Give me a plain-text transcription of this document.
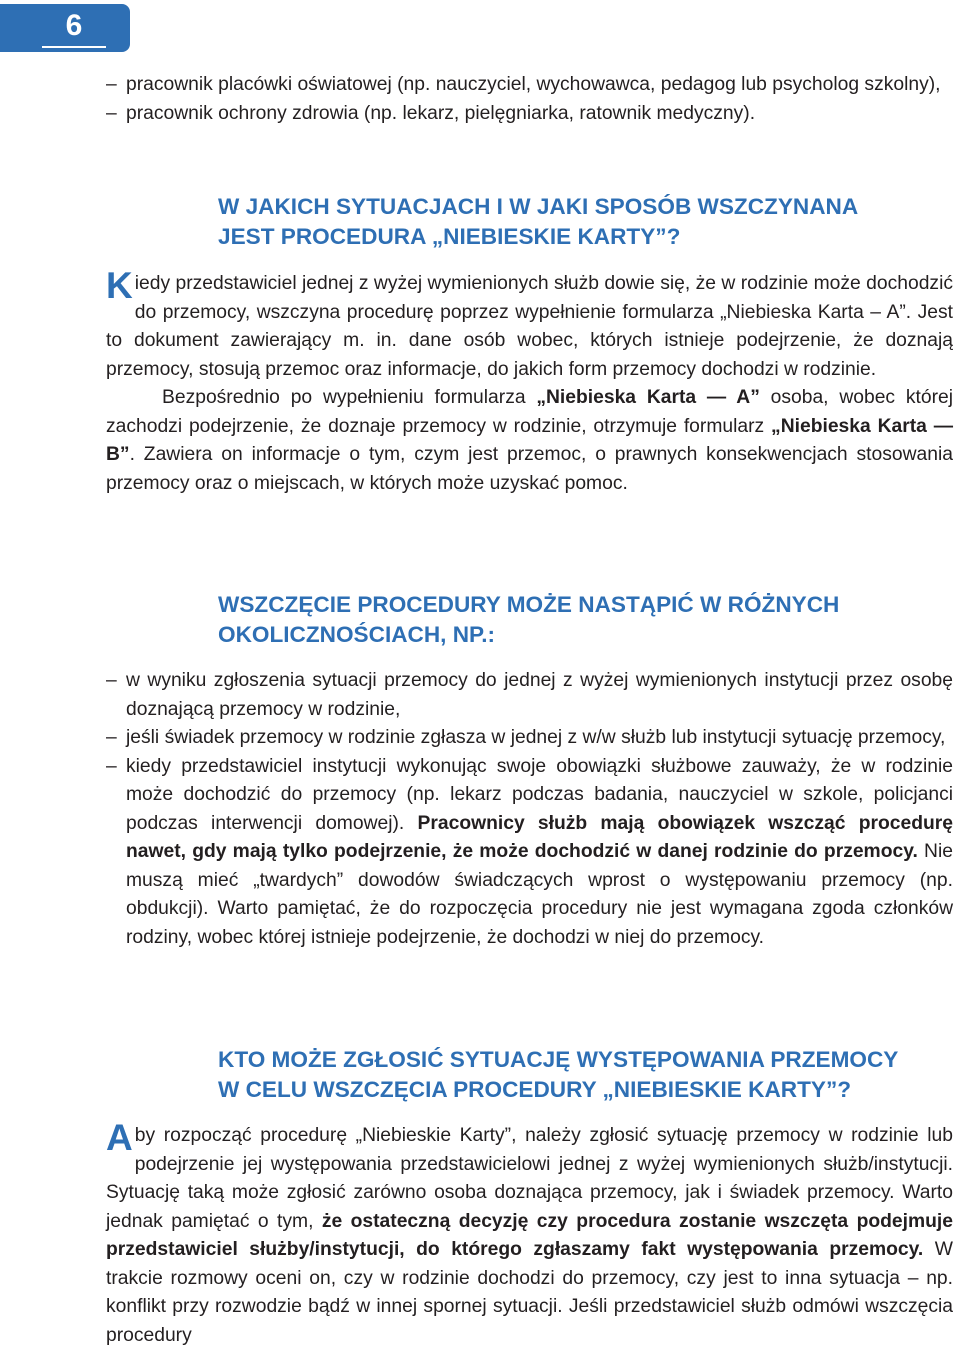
6
– pracownik placówki oświatowej (np. nauczyciel, wychowawca, pedagog lub psycholog szkolny),
– pracownik ochrony zdrowia (np. lekarz, pielęgniarka, ratownik medyczny).
W JAKICH SYTUACJACH I W JAKI SPOSÓB WSZCZYNANA
JEST PROCEDURA „NIEBIESKIE KARTY”?

Kiedy przedstawiciel jednej z wyżej wymienionych służb dowie się, że w rodzinie może dochodzić do przemocy, wszczyna procedurę poprzez wypełnienie formularza „Niebieska Karta – A”. Jest to dokument zawierający m. in. dane osób wobec, których istnieje podejrzenie, że doznają przemocy, stosują przemoc oraz informacje, do jakich form przemocy dochodzi w rodzinie.

Bezpośrednio po wypełnieniu formularza „Niebieska Karta — A” osoba, wobec której zachodzi podejrzenie, że doznaje przemocy w rodzinie, otrzymuje formularz „Niebieska Karta — B”. Zawiera on informacje o tym, czym jest przemoc, o prawnych konsekwencjach stosowania przemocy oraz o miejscach, w których może uzyskać pomoc.

WSZCZĘCIE PROCEDURY MOŻE NASTĄPIĆ W RÓŻNYCH
OKOLICZNOŚCIACH, NP.:
– w wyniku zgłoszenia sytuacji przemocy do jednej z wyżej wymienionych instytucji przez osobę doznającą przemocy w rodzinie,
– jeśli świadek przemocy w rodzinie zgłasza w jednej z w/w służb lub instytucji sytuację przemocy,
– kiedy przedstawiciel instytucji wykonując swoje obowiązki służbowe zauważy, że w rodzinie może dochodzić do przemocy (np. lekarz podczas badania, nauczyciel w szkole, policjanci podczas interwencji domowej). Pracownicy służb mają obowiązek wszcząć procedurę nawet, gdy mają tylko podejrzenie, że może dochodzić w danej rodzinie do przemocy. Nie muszą mieć „twardych” dowodów świadczących wprost o występowaniu przemocy (np. obdukcji). Warto pamiętać, że do rozpoczęcia procedury nie jest wymagana zgoda członków rodziny, wobec której istnieje podejrzenie, że dochodzi w niej do przemocy.
KTO MOŻE ZGŁOSIĆ SYTUACJĘ WYSTĘPOWANIA PRZEMOCY
W CELU WSZCZĘCIA PROCEDURY „NIEBIESKIE KARTY”?

Aby rozpocząć procedurę „Niebieskie Karty”, należy zgłosić sytuację przemocy w rodzinie lub podejrzenie jej występowania przedstawicielowi jednej z wyżej wymienionych służb/instytucji. Sytuację taką może zgłosić zarówno osoba doznająca przemocy, jak i świadek przemocy. Warto jednak pamiętać o tym, że ostateczną decyzję czy procedura zostanie wszczęta podejmuje przedstawiciel służby/instytucji, do którego zgłaszamy fakt występowania przemocy. W trakcie rozmowy oceni on, czy w rodzinie dochodzi do przemocy, czy jest to inna sytuacja – np. konflikt przy rozwodzie bądź w innej spornej sytuacji. Jeśli przedstawiciel służb odmówi wszczęcia procedury
